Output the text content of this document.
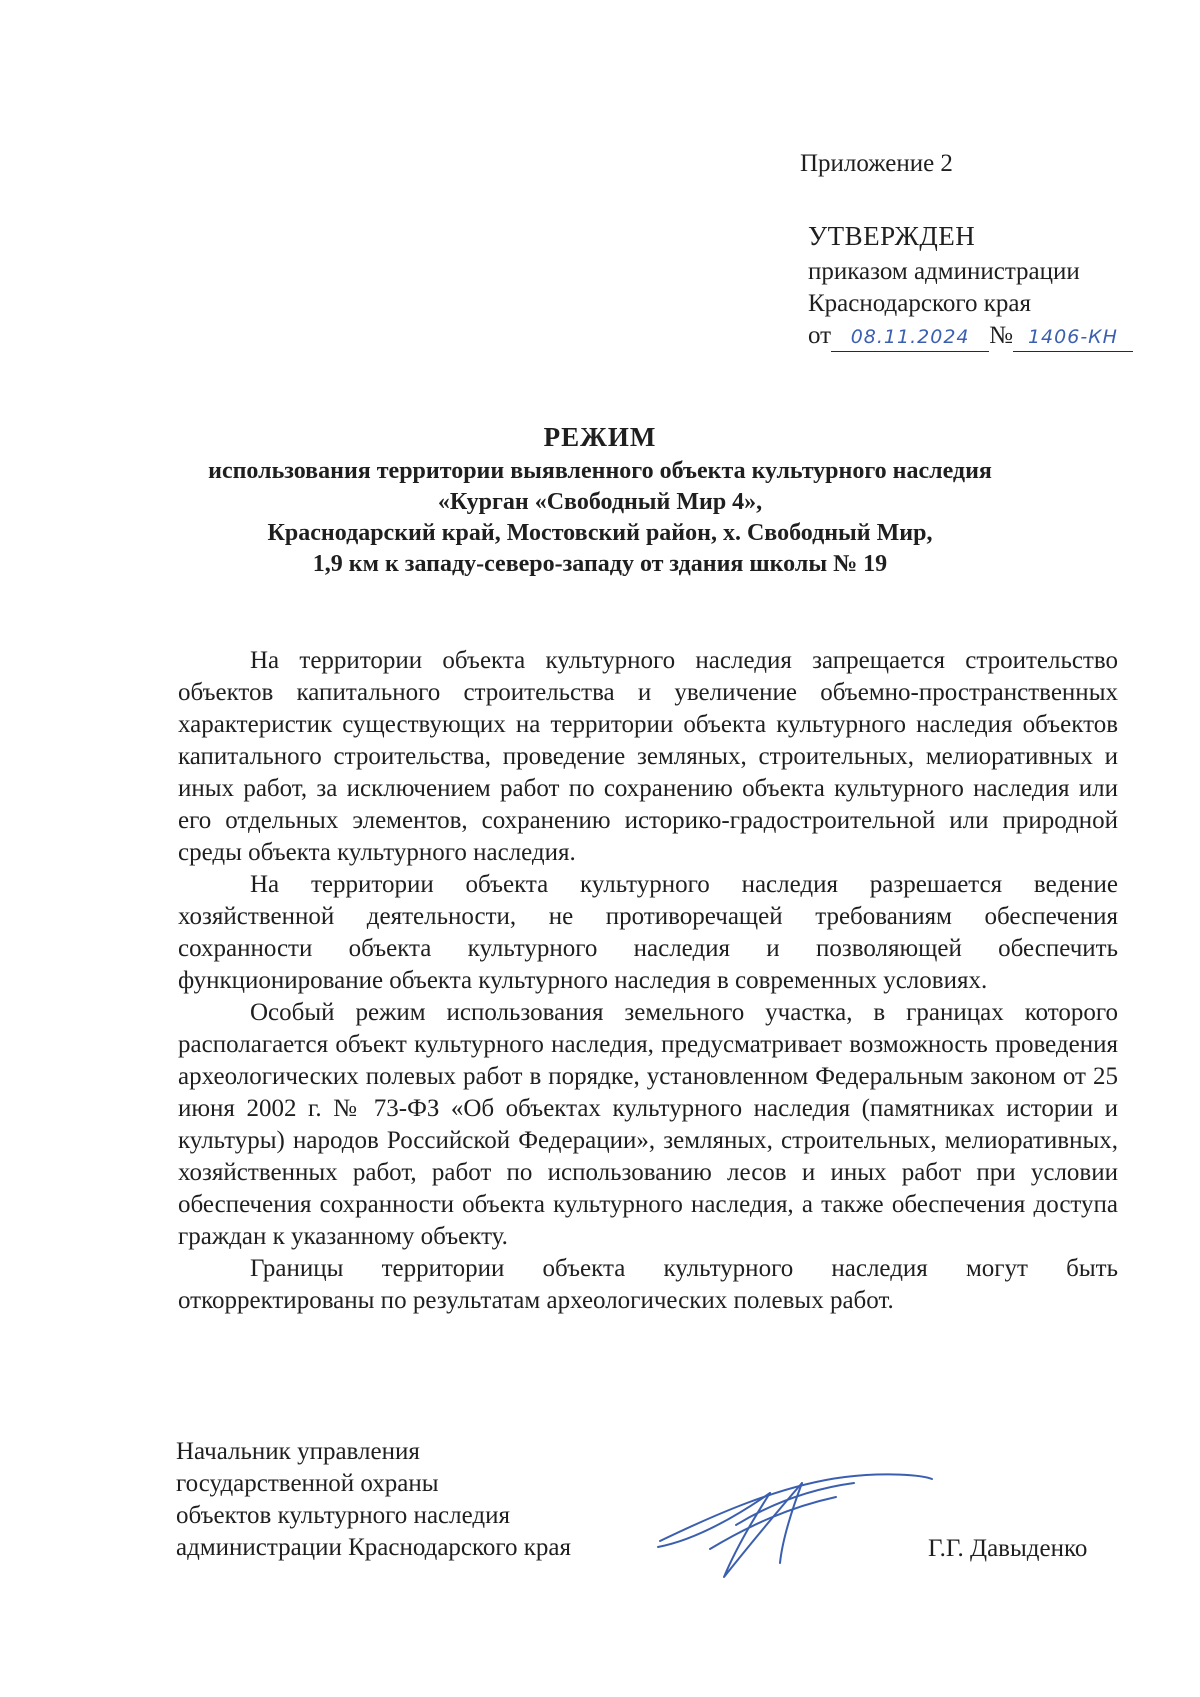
Приложение 2
УТВЕРЖДЕН
приказом администрации
Краснодарского края
от 08.11.2024 № 1406-КН
РЕЖИМ
использования территории выявленного объекта культурного наследия
«Курган «Свободный Мир 4»,
Краснодарский край, Мостовский район, х. Свободный Мир,
1,9 км к западу-северо-западу от здания школы № 19

На территории объекта культурного наследия запрещается строительство объектов капитального строительства и увеличение объемно-пространственных характеристик существующих на территории объекта культурного наследия объектов капитального строительства, проведение земляных, строительных, мелиоративных и иных работ, за исключением работ по сохранению объекта культурного наследия или его отдельных элементов, сохранению историко-градостроительной или природной среды объекта культурного наследия.

На территории объекта культурного наследия разрешается ведение хозяйственной деятельности, не противоречащей требованиям обеспечения сохранности объекта культурного наследия и позволяющей обеспечить функционирование объекта культурного наследия в современных условиях.

Особый режим использования земельного участка, в границах которого располагается объект культурного наследия, предусматривает возможность проведения археологических полевых работ в порядке, установленном Федеральным законом от 25 июня 2002 г. № 73-ФЗ «Об объектах культурного наследия (памятниках истории и культуры) народов Российской Федерации», земляных, строительных, мелиоративных, хозяйственных работ, работ по использованию лесов и иных работ при условии обеспечения сохранности объекта культурного наследия, а также обеспечения доступа граждан к указанному объекту.

Границы территории объекта культурного наследия могут быть откорректированы по результатам археологических полевых работ.

Начальник управления
государственной охраны
объектов культурного наследия
администрации Краснодарского края	Г.Г. Давыденко
